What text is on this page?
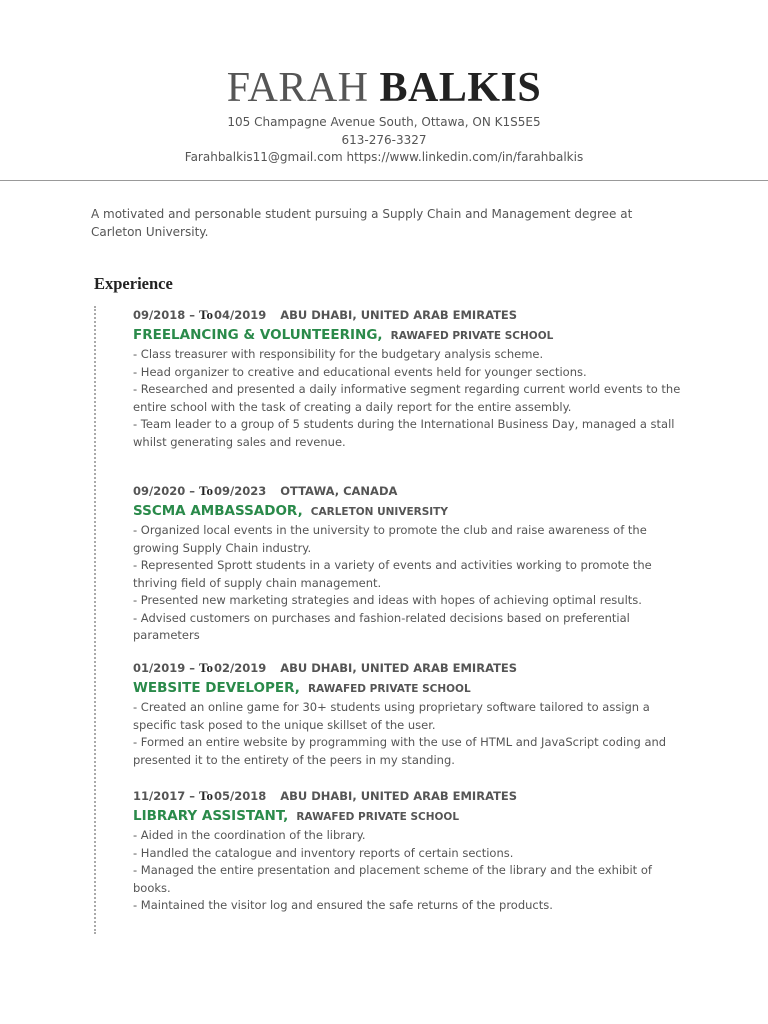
FARAH BALKIS
105 Champagne Avenue South, Ottawa, ON K1S5E5
613-276-3327
Farahbalkis11@gmail.com https://www.linkedin.com/in/farahbalkis
A motivated and personable student pursuing a Supply Chain and Management degree at Carleton University.
Experience
09/2018 – To04/2019 ABU DHABI, UNITED ARAB EMIRATES
FREELANCING & VOLUNTEERING, RAWAFED PRIVATE SCHOOL
- Class treasurer with responsibility for the budgetary analysis scheme.
- Head organizer to creative and educational events held for younger sections.
- Researched and presented a daily informative segment regarding current world events to the entire school with the task of creating a daily report for the entire assembly.
- Team leader to a group of 5 students during the International Business Day, managed a stall whilst generating sales and revenue.
09/2020 – To09/2023 OTTAWA, CANADA
SSCMA AMBASSADOR, CARLETON UNIVERSITY
- Organized local events in the university to promote the club and raise awareness of the growing Supply Chain industry.
- Represented Sprott students in a variety of events and activities working to promote the thriving field of supply chain management.
- Presented new marketing strategies and ideas with hopes of achieving optimal results.
- Advised customers on purchases and fashion-related decisions based on preferential parameters
01/2019 – To02/2019 ABU DHABI, UNITED ARAB EMIRATES
WEBSITE DEVELOPER, RAWAFED PRIVATE SCHOOL
- Created an online game for 30+ students using proprietary software tailored to assign a specific task posed to the unique skillset of the user.
- Formed an entire website by programming with the use of HTML and JavaScript coding and presented it to the entirety of the peers in my standing.
11/2017 – To05/2018 ABU DHABI, UNITED ARAB EMIRATES
LIBRARY ASSISTANT, RAWAFED PRIVATE SCHOOL
- Aided in the coordination of the library.
- Handled the catalogue and inventory reports of certain sections.
- Managed the entire presentation and placement scheme of the library and the exhibit of books.
- Maintained the visitor log and ensured the safe returns of the products.
